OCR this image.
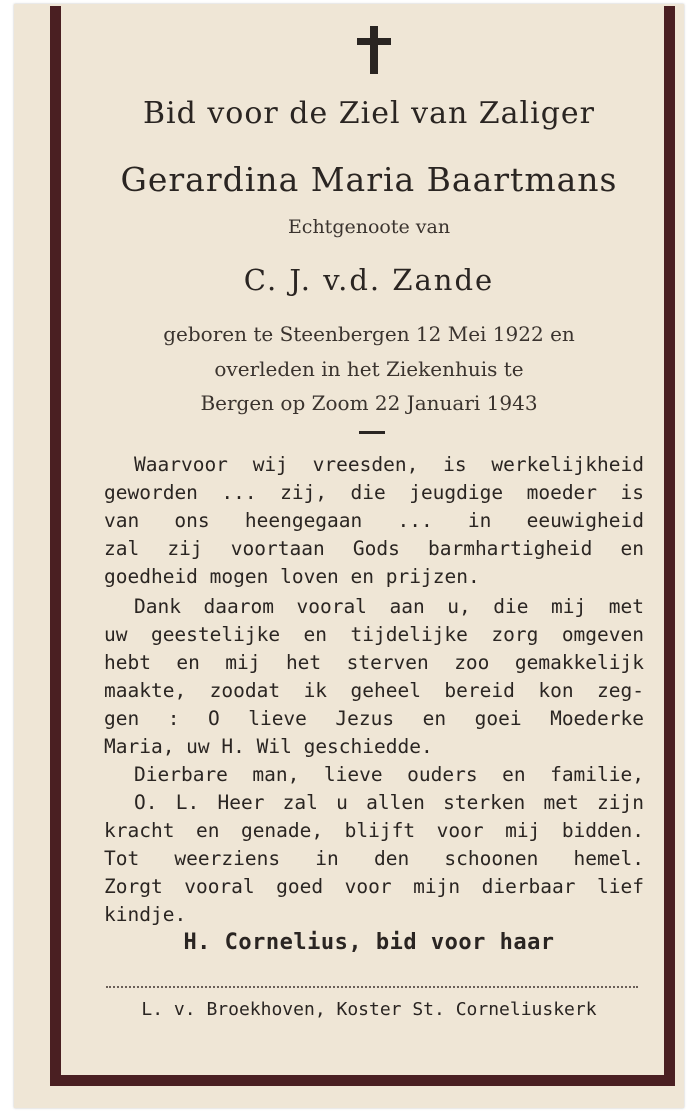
Bid voor de Ziel van Zaliger
Gerardina Maria Baartmans
Echtgenoote van
C. J. v.d. Zande
geboren te Steenbergen 12 Mei 1922 en
overleden in het Ziekenhuis te
Bergen op Zoom 22 Januari 1943
Waarvoor wij vreesden, is werkelijkheid
geworden ... zij, die jeugdige moeder is
van ons heengegaan ... in eeuwigheid
zal zij voortaan Gods barmhartigheid en
goedheid mogen loven en prijzen.
Dank daarom vooral aan u, die mij met
uw geestelijke en tijdelijke zorg omgeven
hebt en mij het sterven zoo gemakkelijk
maakte, zoodat ik geheel bereid kon zeg-
gen : O lieve Jezus en goei Moederke
Maria, uw H. Wil geschiedde.
Dierbare man, lieve ouders en familie,
O. L. Heer zal u allen sterken met zijn
kracht en genade, blijft voor mij bidden.
Tot weerziens in den schoonen hemel.
Zorgt vooral goed voor mijn dierbaar lief
kindje.
H. Cornelius, bid voor haar
L. v. Broekhoven, Koster St. Corneliuskerk
